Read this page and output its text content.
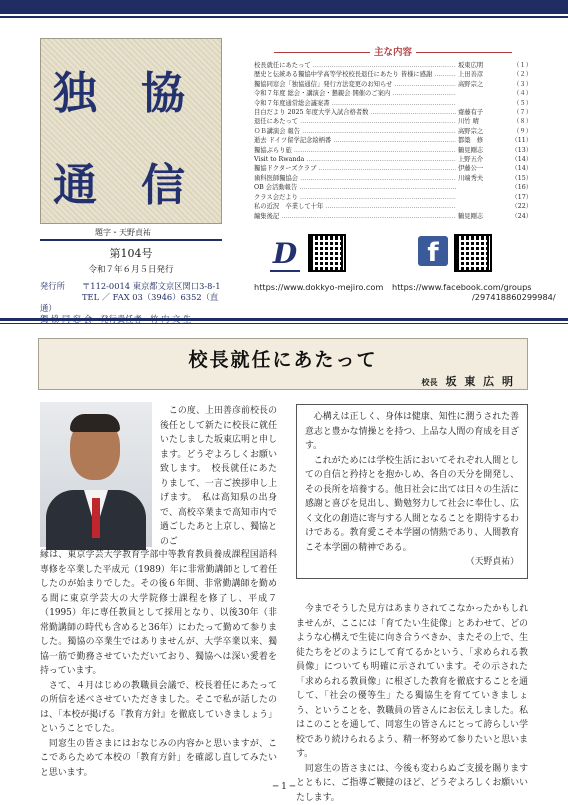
独 協
通 信
題字・天野貞祐
第104号
令和７年６月５日発行
発行所 〒112-0014 東京都文京区関口3-8-1
TEL ／ FAX 03（3946）6352（直通）
主な内容
校長就任にあたって …………………………………………………………………………………	坂東広明	（１）
歴史と伝統ある獨協中学高等学校校長退任にあたり 皆様に感謝 …………………………………………………………………………………	上田善彦	（２）
獨協同窓会「独協通信」発行方法変更のお知らせ …………………………………………………………………………………	高野宗之	（３）
令和７年度 総会・講演会・懇親会 開催のご案内 …………………………………………………………………………………	（４）
令和７年度通常総会議案書 …………………………………………………………………………………	（５）
目白だより 2025 年度大学入試合格者数 …………………………………………………………………………………	齋藤有子	（７）
退任にあたって …………………………………………………………………………………	川竹 晴	（８）
ＯＢ講演会 報告 …………………………………………………………………………………	高野宗之	（９）
逝去 ドイツ留学記念絵柄番 …………………………………………………………………………………	都築　修	（11）
獨協ぶらり旅 …………………………………………………………………………………	鶴見剛志	（13）
Visit to Rwanda …………………………………………………………………………………	上野五介	（14）
獨協ドクターズクラブ …………………………………………………………………………………	伊藤公一	（14）
歯科医師獨協会 …………………………………………………………………………………	川端秀夫	（15）
OB 会活動報告 …………………………………………………………………………………	（16）
クラス会だより …………………………………………………………………………………	（17）
私の近況　卒業して十年 …………………………………………………………………………………	（22）
編集後記 …………………………………………………………………………………	鶴見剛志	（24）
D	f
https://www.dokkyo-mejiro.com https://www.facebook.com/groups
/297418860299984/
校長就任にあたって
校長 坂 東 広 明

この度、上田善彦前校長の後任として新たに校長に就任いたしました坂東広明と申します。どうぞよろしくお願い致します。　校長就任にあたりまして、一言ご挨拶申し上げます。　私は高知県の出身で、高校卒業まで高知市内で過ごしたあと上京し、獨協とのご

縁は、東京学芸大学教育学部中等教育教員養成課程国語科専修を卒業した平成元（1989）年に非常勤講師として着任したのが始まりでした。その後６年間、非常勤講師を勤める間に東京学芸大の大学院修士課程を修了し、平成７（1995）年に専任教員として採用となり、以後30年（非常勤講師の時代も含めると36年）にわたって勤めて参りました。獨協の卒業生ではありませんが、大学卒業以来、獨協一筋で勤務させていただいており、獨協へは深い愛着を持っています。

さて、４月はじめの教職員会議で、校長着任にあたっての所信を述べさせていただきました。そこで私が話したのは、「本校が掲げる『教育方針』を徹底していきましょう」ということでした。

同窓生の皆さまにはおなじみの内容かと思いますが、ここであらためて本校の「教育方針」を確認し直してみたいと思います。

心構えは正しく、身体は健康、知性に潤うされた善意志と豊かな情操とを持つ、上品な人間の育成を目ざす。

これがためには学校生活においてそれぞれ人間としての自信と矜持とを抱かしめ、各自の天分を開発し、その長所を培養する。他日社会に出ては日々の生活に感謝と喜びを見出し、勤勉努力して社会に奉仕し、広く文化の創造に寄与する人間となることを期待するわけである。教育愛こそ本学園の情熱であり、人間教育こそ本学園の精神である。

（天野貞祐）

今までそうした見方はあまりされてこなかったかもしれませんが、ここには「育てたい生徒像」とあわせて、どのような心構えで生徒に向き合うべきか、またその上で、生徒たちをどのようにして育てるかという、「求められる教員像」についても明確に示されています。その示された「求められる教員像」に根ざした教育を徹底することを通して、「社会の優等生」たる獨協生を育てていきましょう、ということを、教職員の皆さんにお伝えしました。私はこのことを通して、同窓生の皆さんにとって誇らしい学校であり続けられるよう、精一杯努めて参りたいと思います。

同窓生の皆さまには、今後も変わらぬご支援を賜りますとともに、ご指導ご鞭撻のほど、どうぞよろしくお願いいたします。

─ 1 ─
